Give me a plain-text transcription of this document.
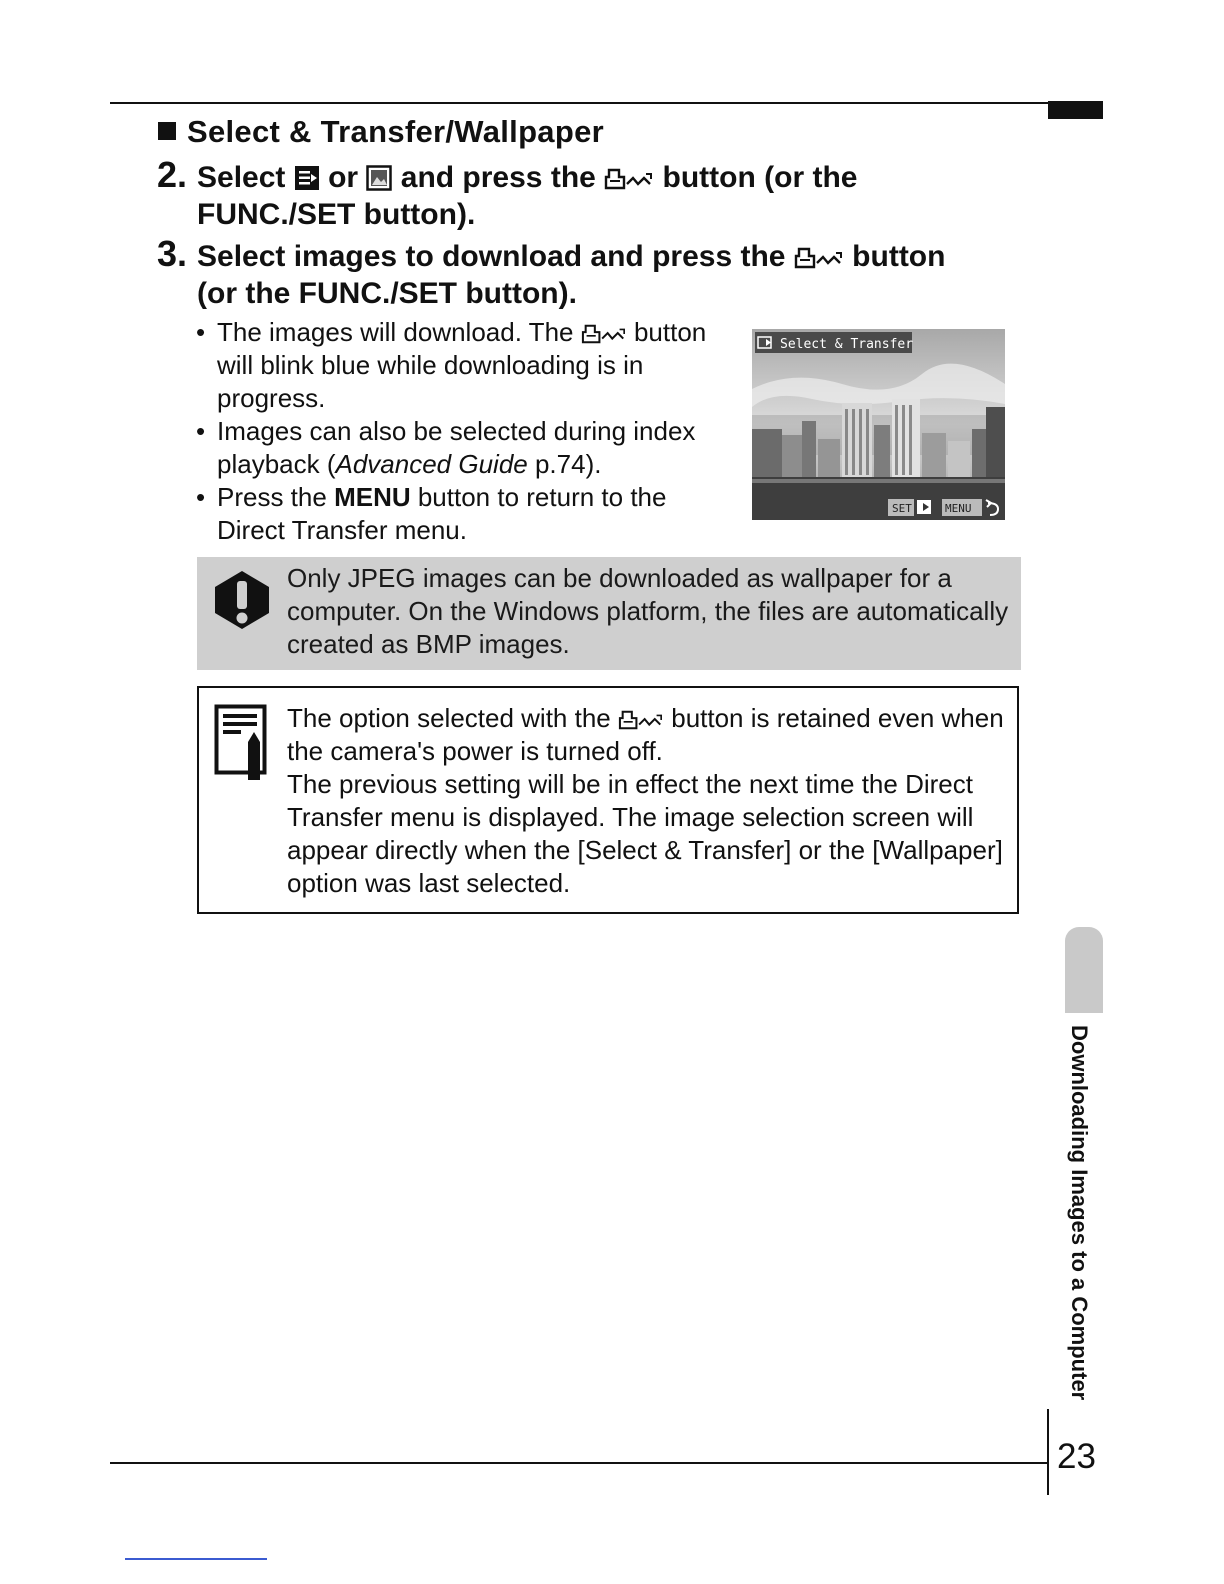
Select & Transfer/Wallpaper
2. Select or and press the button (or the
FUNC./SET button).
3. Select images to download and press the button
(or the FUNC./SET button).
• The images will download. The button will blink blue while downloading is in progress.
• Images can also be selected during index playback (Advanced Guide p.74).
• Press the MENU button to return to the Direct Transfer menu.
Select & Transfer
SET	MENU
Only JPEG images can be downloaded as wallpaper for a computer. On the Windows platform, the files are automatically created as BMP images.
The option selected with the button is retained even when the camera's power is turned off.
The previous setting will be in effect the next time the Direct Transfer menu is displayed. The image selection screen will appear directly when the [Select & Transfer] or the [Wallpaper] option was last selected.
Downloading Images to a Computer
23
